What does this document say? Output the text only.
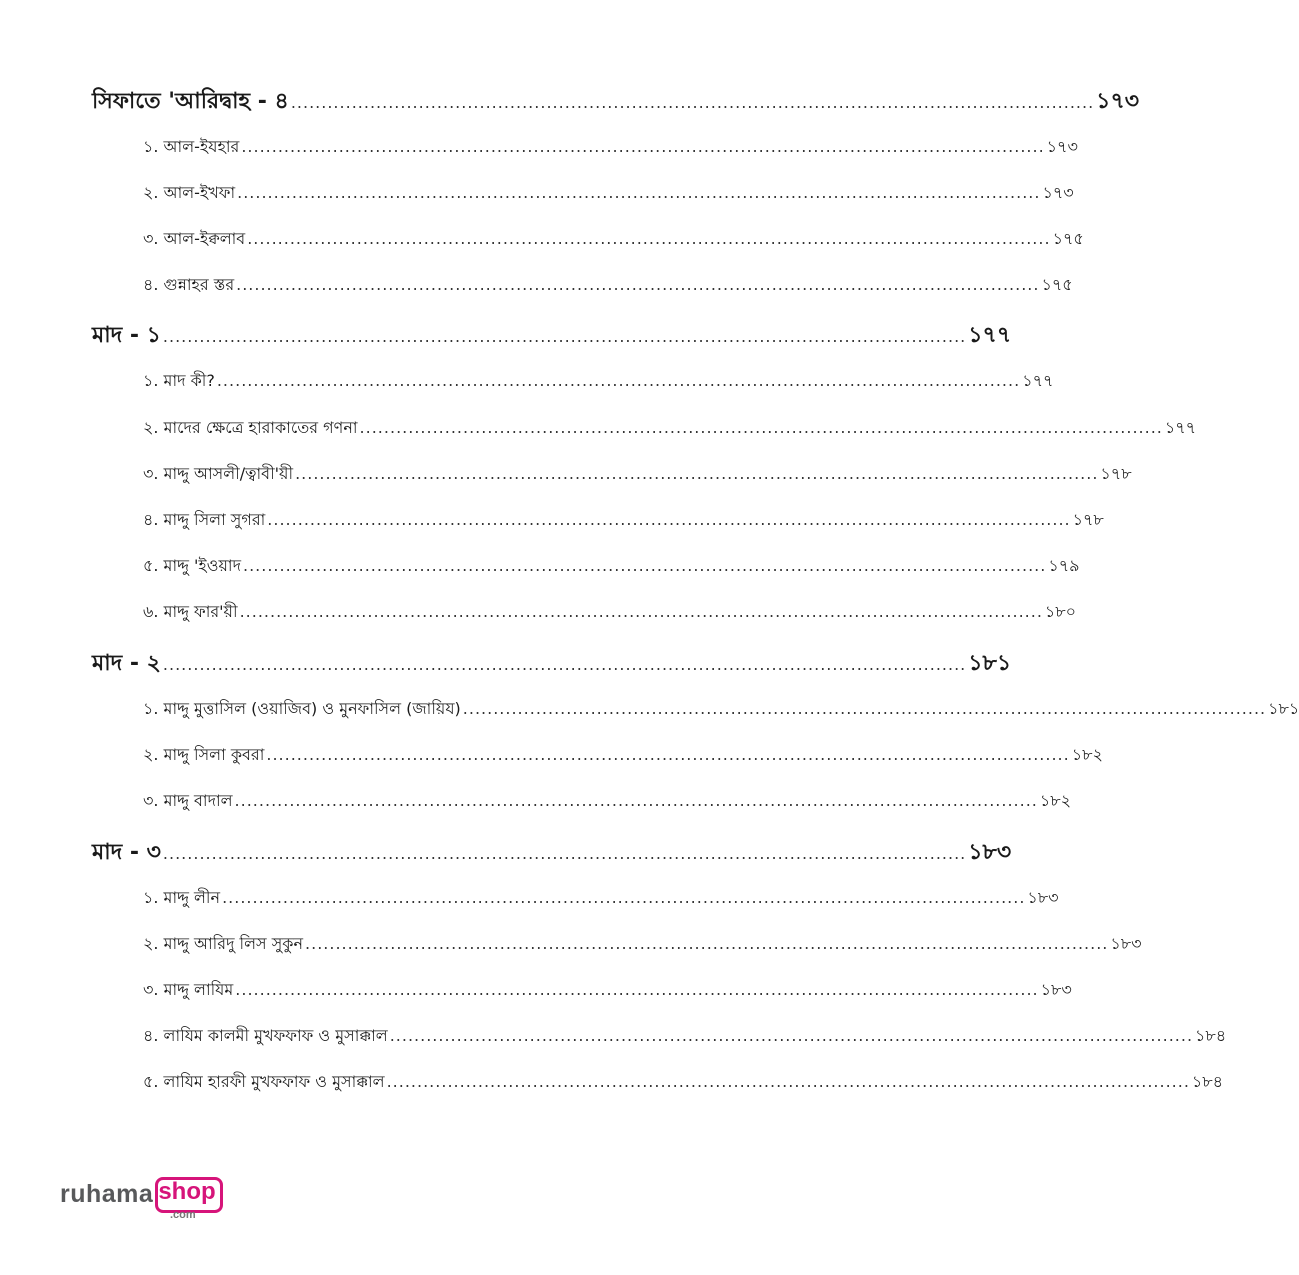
সিফাতে 'আরিদ্বাহ - ৪ .................................................................................................................................... ১৭৩
১. আল-ইযহার .................................................................................................................................... ১৭৩
২. আল-ইখফা .................................................................................................................................... ১৭৩
৩. আল-ইক্বলাব .................................................................................................................................... ১৭৫
৪. গুন্নাহর স্তর .................................................................................................................................... ১৭৫
মাদ - ১ .................................................................................................................................... ১৭৭
১. মাদ কী? .................................................................................................................................... ১৭৭
২. মাদের ক্ষেত্রে হারাকাতের গণনা .................................................................................................................................... ১৭৭
৩. মাদ্দু আসলী/ত্বাবী'য়ী .................................................................................................................................... ১৭৮
৪. মাদ্দু সিলা সুগরা .................................................................................................................................... ১৭৮
৫. মাদ্দু 'ইওয়াদ .................................................................................................................................... ১৭৯
৬. মাদ্দু ফার'য়ী .................................................................................................................................... ১৮০
মাদ - ২ .................................................................................................................................... ১৮১
১. মাদ্দু মুত্তাসিল (ওয়াজিব) ও মুনফাসিল (জায়িয) .................................................................................................................................... ১৮১
২. মাদ্দু সিলা কুবরা .................................................................................................................................... ১৮২
৩. মাদ্দু বাদাল .................................................................................................................................... ১৮২
মাদ - ৩ .................................................................................................................................... ১৮৩
১. মাদ্দু লীন .................................................................................................................................... ১৮৩
২. মাদ্দু আরিদু লিস সুকুন .................................................................................................................................... ১৮৩
৩. মাদ্দু লাযিম .................................................................................................................................... ১৮৩
৪. লাযিম কালমী মুখফফাফ ও মুসাক্কাল .................................................................................................................................... ১৮৪
৫. লাযিম হারফী মুখফফাফ ও মুসাক্কাল .................................................................................................................................... ১৮৪
ruhama shop
.com
